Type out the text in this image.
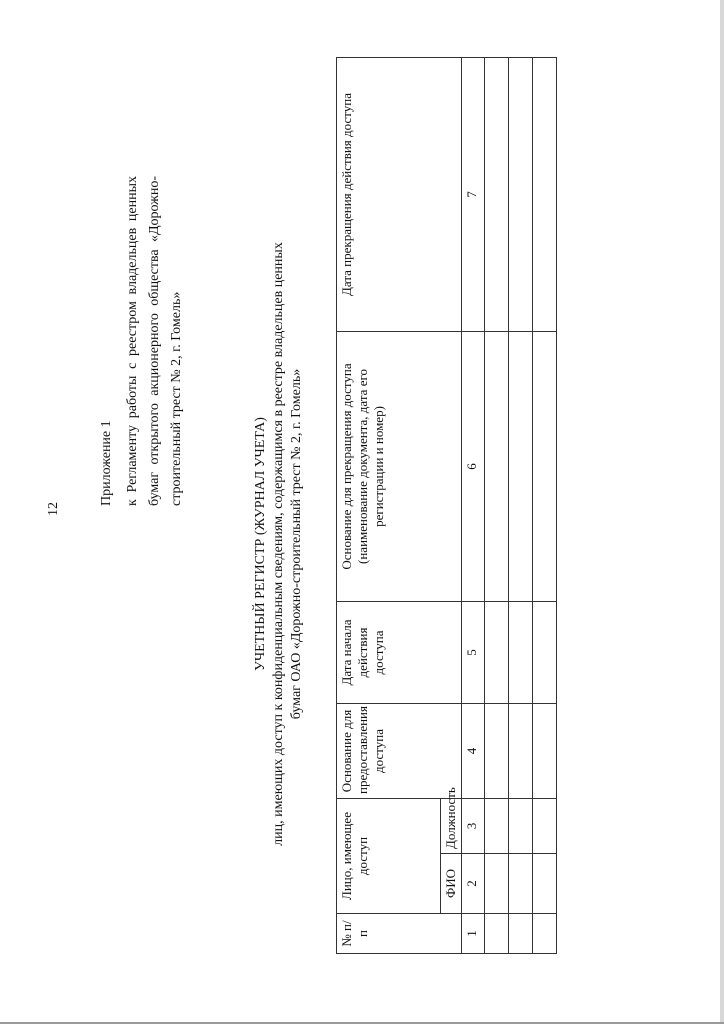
12

Приложение 1 к Регламенту работы с реестром владельцев ценных бумаг открытого акционерного общества «Дорожно-строительный трест № 2, г. Гомель»
УЧЕТНЫЙ РЕГИСТР (ЖУРНАЛ УЧЕТА) лиц, имеющих доступ к конфиденциальным сведениям, содержащимся в реестре владельцев ценных бумаг ОАО «Дорожно-строительный трест № 2, г. Гомель»
№ п/п	Лицо, имеющее доступ		Основание для предоставления доступа	Дата начала действия доступа	Основание для прекращения доступа (наименование документа, дата его регистрации и номер)	Дата прекращения действия доступа
	ФИО	Должность				
1	2	3	4	5	6	7
